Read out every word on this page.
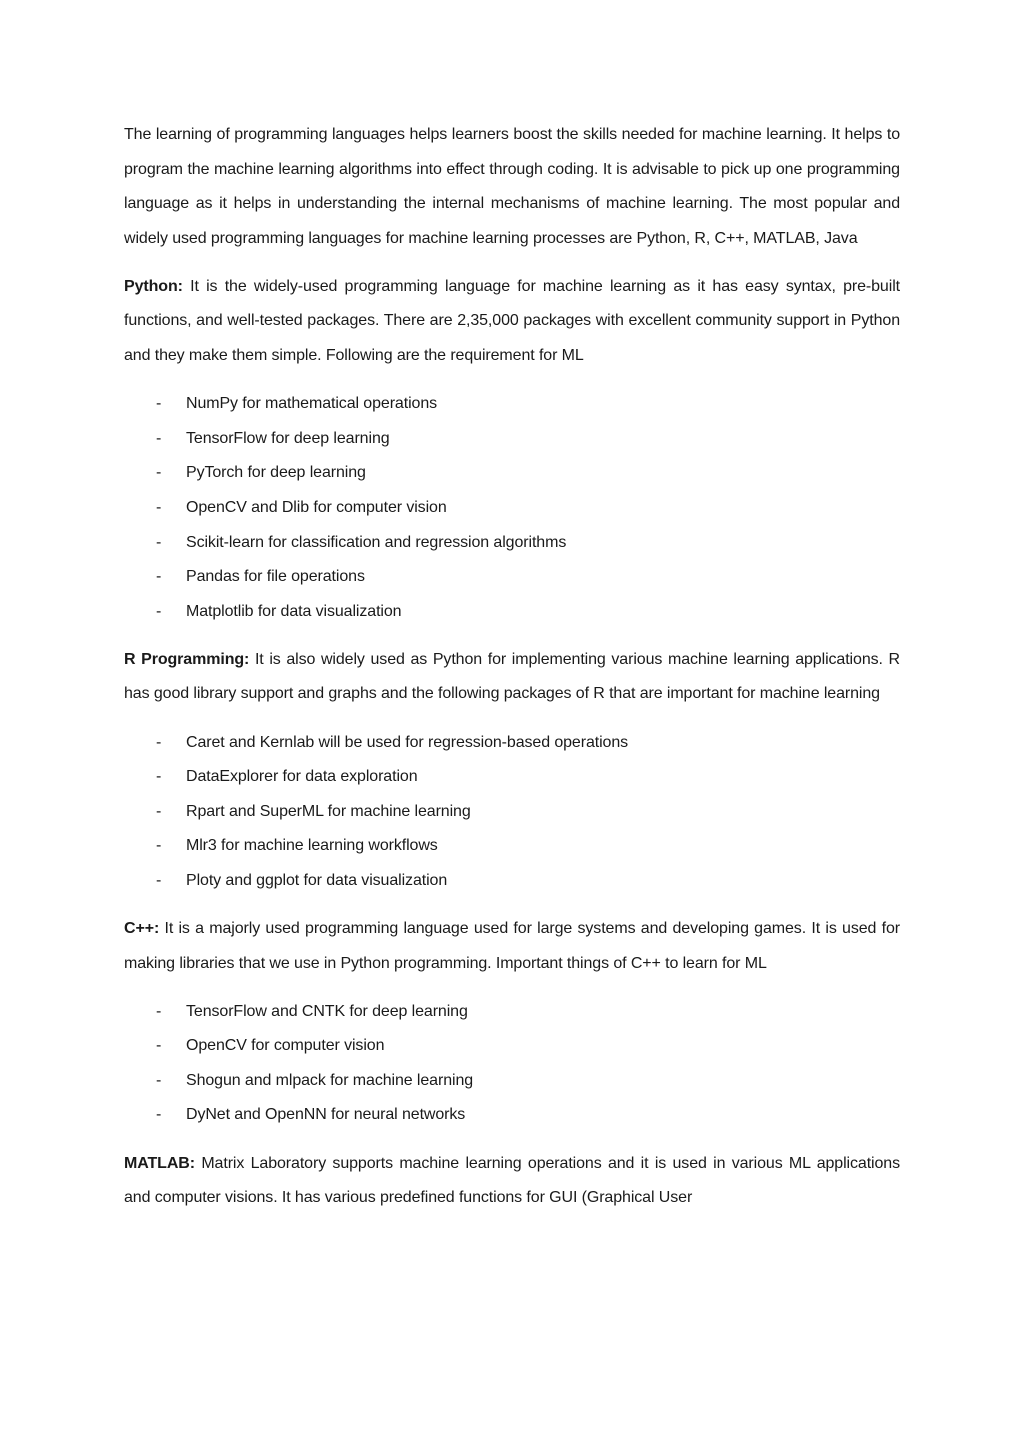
The learning of programming languages helps learners boost the skills needed for machine learning. It helps to program the machine learning algorithms into effect through coding. It is advisable to pick up one programming language as it helps in understanding the internal mechanisms of machine learning. The most popular and widely used programming languages for machine learning processes are Python, R, C++, MATLAB, Java

Python: It is the widely-used programming language for machine learning as it has easy syntax, pre-built functions, and well-tested packages. There are 2,35,000 packages with excellent community support in Python and they make them simple. Following are the requirement for ML

- NumPy for mathematical operations
- TensorFlow for deep learning
- PyTorch for deep learning
- OpenCV and Dlib for computer vision
- Scikit-learn for classification and regression algorithms
- Pandas for file operations
- Matplotlib for data visualization

R Programming: It is also widely used as Python for implementing various machine learning applications. R has good library support and graphs and the following packages of R that are important for machine learning

- Caret and Kernlab will be used for regression-based operations
- DataExplorer for data exploration
- Rpart and SuperML for machine learning
- Mlr3 for machine learning workflows
- Ploty and ggplot for data visualization

C++: It is a majorly used programming language used for large systems and developing games. It is used for making libraries that we use in Python programming. Important things of C++ to learn for ML

- TensorFlow and CNTK for deep learning
- OpenCV for computer vision
- Shogun and mlpack for machine learning
- DyNet and OpenNN for neural networks

MATLAB: Matrix Laboratory supports machine learning operations and it is used in various ML applications and computer visions. It has various predefined functions for GUI (Graphical User
